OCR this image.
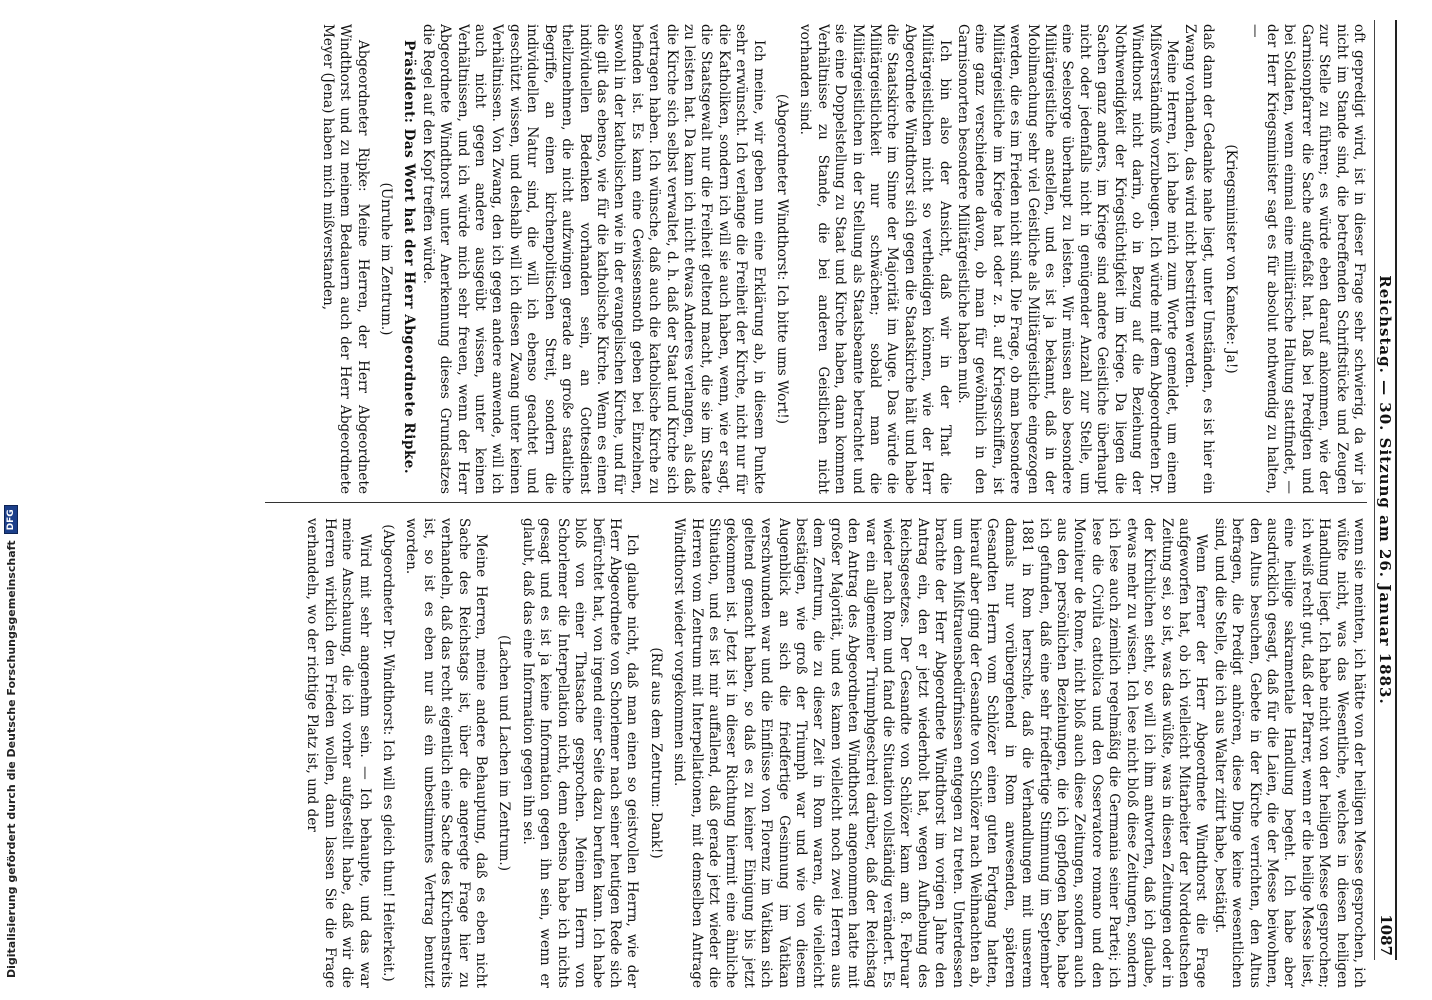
Reichstag. — 30. Sitzung am 26. Januar 1883.
1087

oft gepredigt wird, ist in dieser Frage sehr schwierig, da wir ja nicht im Stande sind, die betreffenden Schriftstücke und Zeugen zur Stelle zu führen; es würde eben darauf ankommen, wie der Garnisonpfarrer die Sache aufgefaßt hat. Daß bei Predigten und bei Soldaten, wenn einmal eine militärische Haltung stattfindet, — der Herr Kriegsminister sagt es für absolut nothwendig zu halten, —

(Kriegsminister von Kameke: Ja!)

daß dann der Gedanke nahe liegt, unter Umständen, es ist hier ein Zwang vorhanden, das wird nicht bestritten werden.

Meine Herren, ich habe mich zum Worte gemeldet, um einem Mißverständniß vorzubeugen. Ich würde mit dem Abgeordneten Dr. Windthorst nicht darin, ob in Bezug auf die Beziehung der Nothwendigkeit der Kriegstüchtigkeit im Kriege. Da liegen die Sachen ganz anders, im Kriege sind andere Geistliche überhaupt nicht oder jedenfalls nicht in genügender Anzahl zur Stelle, um eine Seelsorge überhaupt zu leisten. Wir müssen also besondere Militärgeistliche anstellen, und es ist ja bekannt, daß in der Mobilmachung sehr viel Geistliche als Militärgeistliche eingezogen werden, die es im Frieden nicht sind. Die Frage, ob man besondere Militärgeistliche im Kriege hat oder z. B. auf Kriegsschiffen, ist eine ganz verschiedene davon, ob man für gewöhnlich in den Garnisonorten besondere Militärgeistliche haben muß.

Ich bin also der Ansicht, daß wir in der That die Militärgeistlichen nicht so vertheidigen können, wie der Herr Abgeordnete Windthorst sich gegen die Staatskirche hält und habe die Staatskirche im Sinne der Majorität im Auge. Das würde die Militärgeistlichkeit nur schwächen; sobald man die Militärgeistlichen in der Stellung als Staatsbeamte betrachtet und sie eine Doppelstellung zu Staat und Kirche haben, dann kommen Verhältnisse zu Stande, die bei anderen Geistlichen nicht vorhanden sind.

(Abgeordneter Windthorst: Ich bitte ums Wort!)

Ich meine, wir geben nun eine Erklärung ab, in diesem Punkte sehr erwünscht. Ich verlange die Freiheit der Kirche, nicht nur für die Katholiken, sondern ich will sie auch haben, wenn, wie er sagt, die Staatsgewalt nur die Freiheit geltend macht, die sie im Staate zu leisten hat. Da kann ich nicht etwas Anderes verlangen, als daß die Kirche sich selbst verwaltet, d. h. daß der Staat und Kirche sich vertragen haben. Ich wünsche, daß auch die katholische Kirche zu befinden ist. Es kann eine Gewissensnoth geben bei Einzelnen, sowohl in der katholischen wie in der evangelischen Kirche, und für die gilt das ebenso, wie für die katholische Kirche. Wenn es einen individuellen Bedenken vorhanden sein, an Gottesdienst theilzunehmen, die nicht aufzwingen gerade an große staatliche Begriffe, an einen kirchenpolitischen Streit, sondern die individuellen Natur sind, die will ich ebenso geachtet und geschützt wissen, und deshalb will ich diesen Zwang unter keinen Verhältnissen. Von Zwang, den ich gegen andere anwende, will ich auch nicht gegen andere ausgeübt wissen, unter keinen Verhältnissen, und ich würde mich sehr freuen, wenn der Herr Abgeordnete Windthorst unter Anerkennung dieses Grundsatzes die Regel auf den Kopf treffen würde.

Präsident: Das Wort hat der Herr Abgeordnete Ripke.

(Unruhe im Zentrum.)

Abgeordneter Ripke: Meine Herren, der Herr Abgeordnete Windthorst und zu meinem Bedauern auch der Herr Abgeordnete Meyer (Jena) haben mich mißverstanden,

wenn sie meinten, ich hätte von der heiligen Messe gesprochen, ich wüßte nicht, was das Wesentliche, welches in diesen heiligen Handlung liegt. Ich habe nicht von der heiligen Messe gesprochen; ich weiß recht gut, daß der Pfarrer, wenn er die heilige Messe liest, eine heilige sakramentale Handlung begeht. Ich habe aber ausdrücklich gesagt, daß für die Laien, die der Messe beiwohnen, den Altus besuchen, Gebete in der Kirche verrichten, den Altus befragen, die Predigt anhören, diese Dinge keine wesentlichen sind, und die Stelle, die ich aus Walter zitirt habe, bestätigt.

Wenn ferner der Herr Abgeordnete Windthorst die Frage aufgeworfen hat, ob ich vielleicht Mitarbeiter der Norddeutschen Zeitung sei, so ist, was das wüßte, was in diesen Zeitungen oder in der Kirchlichen steht, so will ich ihm antworten, daß ich glaube, etwas mehr zu wissen. Ich lese nicht bloß diese Zeitungen, sondern ich lese auch ziemlich regelmäßig die Germania seiner Partei; ich lese die Civiltà cattolica und den Osservatore romano und den Moniteur de Rome, nicht bloß auch diese Zeitungen, sondern auch aus den persönlichen Beziehungen, die ich gepflogen habe, habe ich gefunden, daß eine sehr friedfertige Stimmung im September 1881 in Rom herrschte, daß die Verhandlungen mit unserem damals nur vorübergehend in Rom anwesenden, späteren Gesandten Herrn vom Schlözer einen guten Fortgang hatten, hierauf aber ging der Gesandte von Schlözer nach Weihnachten ab, um dem Mißtrauensbedürfnissen entgegen zu treten. Unterdessen brachte der Herr Abgeordnete Windthorst im vorigen Jahre den Antrag ein, den er jetzt wiederholt hat, wegen Aufhebung des Reichsgesetzes. Der Gesandte von Schlözer kam am 8. Februar wieder nach Rom und fand die Situation vollständig verändert. Es war ein allgemeiner Triumphgeschrei darüber, daß der Reichstag den Antrag des Abgeordneten Windthorst angenommen hatte mit großer Majorität, und es kamen vielleicht noch zwei Herren aus dem Zentrum, die zu dieser Zeit in Rom waren, die vielleicht bestätigen, wie groß der Triumph war und wie von diesem Augenblick an sich die friedfertige Gesinnung im Vatikan verschwunden war und die Einflüsse von Florenz im Vatikan sich geltend gemacht haben, so daß es zu keiner Einigung bis jetzt gekommen ist. Jetzt ist in dieser Richtung hiermit eine ähnliche Situation, und es ist mir auffallend, daß gerade jetzt wieder die Herren vom Zentrum mit Interpellationen, mit demselben Antrage Windthorst wieder vorgekommen sind.

(Ruf aus dem Zentrum: Dank!)

Ich glaube nicht, daß man einen so geistvollen Herrn, wie der Herr Abgeordnete von Schorlemer nach seiner heutigen Rede sich befürchtet hat, von irgend einer Seite dazu berufen kann. Ich habe bloß von einer Thatsache gesprochen. Meinem Herrn von Schorlemer die Interpellation nicht, denn ebenso habe ich nichts gesagt und es ist ja keine Information gegen ihn sein, wenn er glaubt, daß das eine Information gegen ihn sei.

(Lachen und Lachen im Zentrum.)

Meine Herren, meine andere Behauptung, daß es eben nicht Sache des Reichstags ist, über die angeregte Frage hier zu verhandeln, daß das recht eigentlich eine Sache des Kirchenstreits ist, so ist es eben nur als ein unbestimmtes Vertrag benutzt worden.

(Abgeordneter Dr. Windthorst: Ich will es gleich thun! Heiterkeit.)

Wird mit sehr angenehm sein. — Ich behaupte, und das war meine Anschauung, die ich vorher aufgestellt habe, daß wir die Herren wirklich den Frieden wollen, dann lassen Sie die Frage verhandeln, wo der richtige Platz ist, und der

Digitalisierung gefördert durch die Deutsche Forschungsgemeinschaft
DFG
